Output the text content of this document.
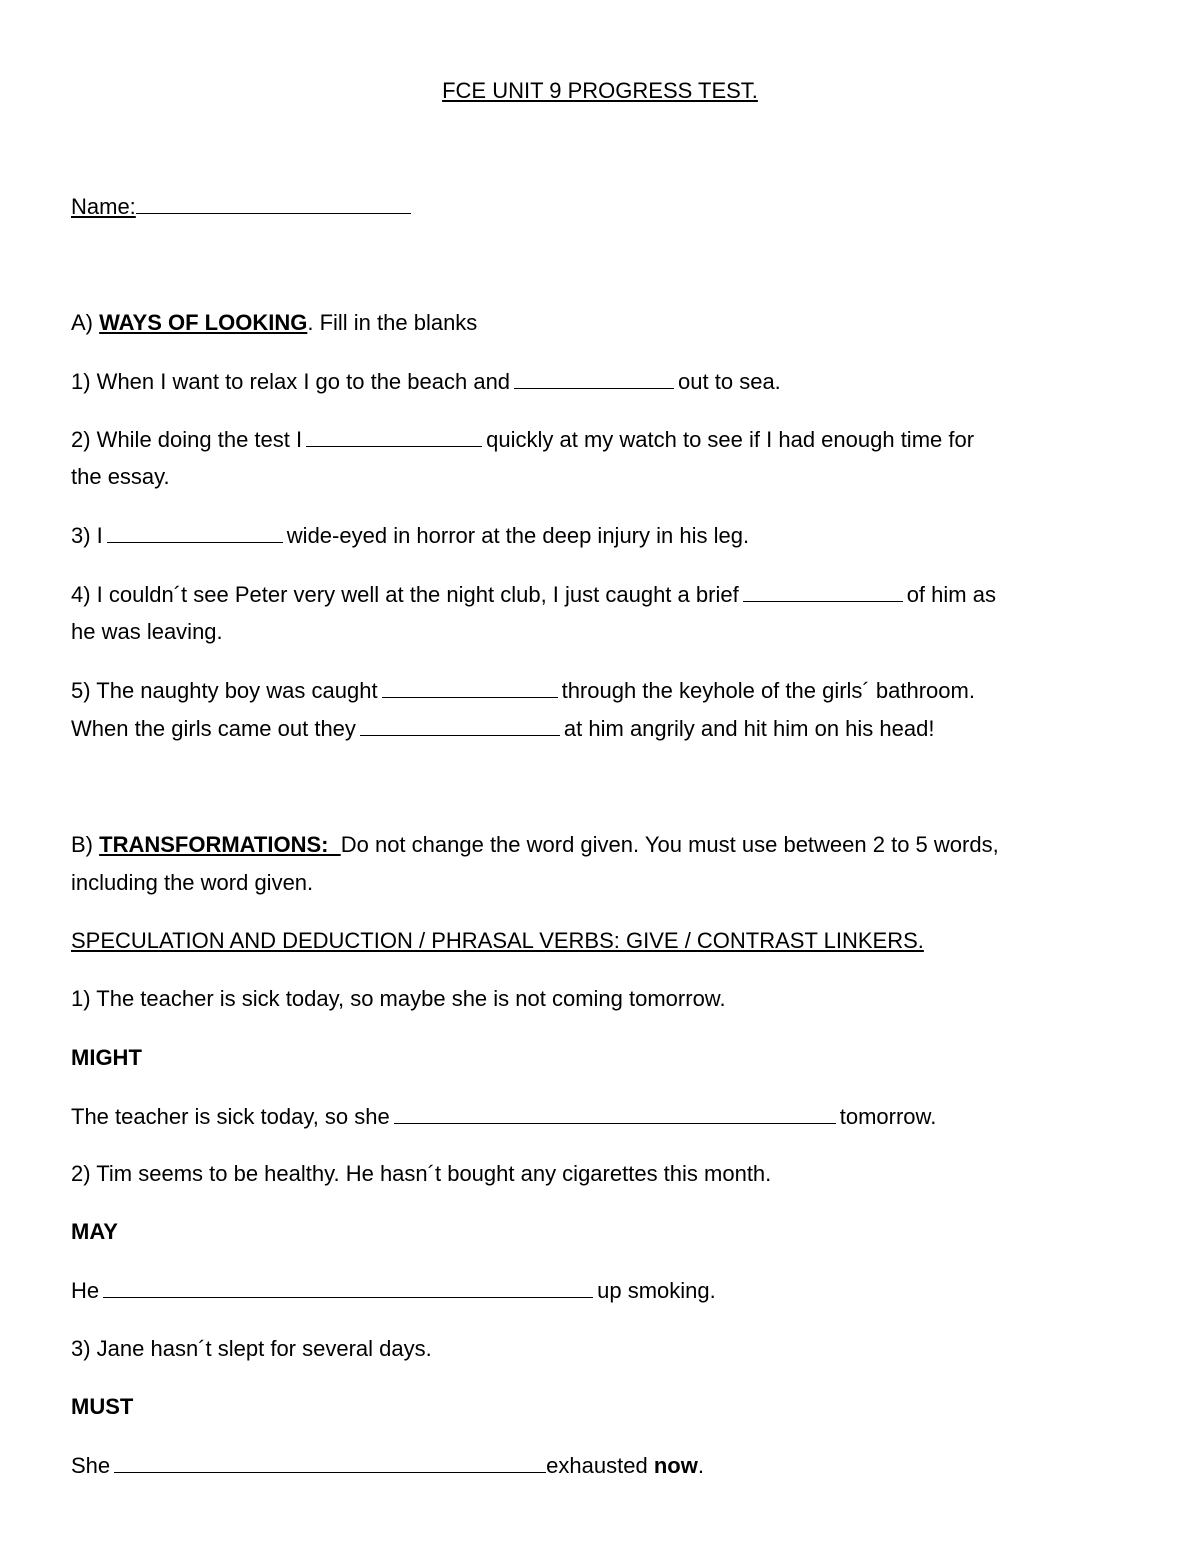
FCE UNIT 9 PROGRESS TEST.
Name:
A) WAYS OF LOOKING. Fill in the blanks
1) When I want to relax I go to the beach and	out to sea.
2) While doing the test I	quickly at my watch to see if I had enough time for
the essay.
3) I	wide-eyed in horror at the deep injury in his leg.
4) I couldn´t see Peter very well at the night club, I just caught a brief	of him as
he was leaving.
5) The naughty boy was caught	through the keyhole of the girls´ bathroom.
When the girls came out they	at him angrily and hit him on his head!
B) TRANSFORMATIONS: Do not change the word given. You must use between 2 to 5 words,
including the word given.
SPECULATION AND DEDUCTION / PHRASAL VERBS: GIVE / CONTRAST LINKERS.
1) The teacher is sick today, so maybe she is not coming tomorrow.
MIGHT
The teacher is sick today, so she	tomorrow.
2) Tim seems to be healthy. He hasn´t bought any cigarettes this month.
MAY
He	up smoking.
3) Jane hasn´t slept for several days.
MUST
She	exhausted now.
